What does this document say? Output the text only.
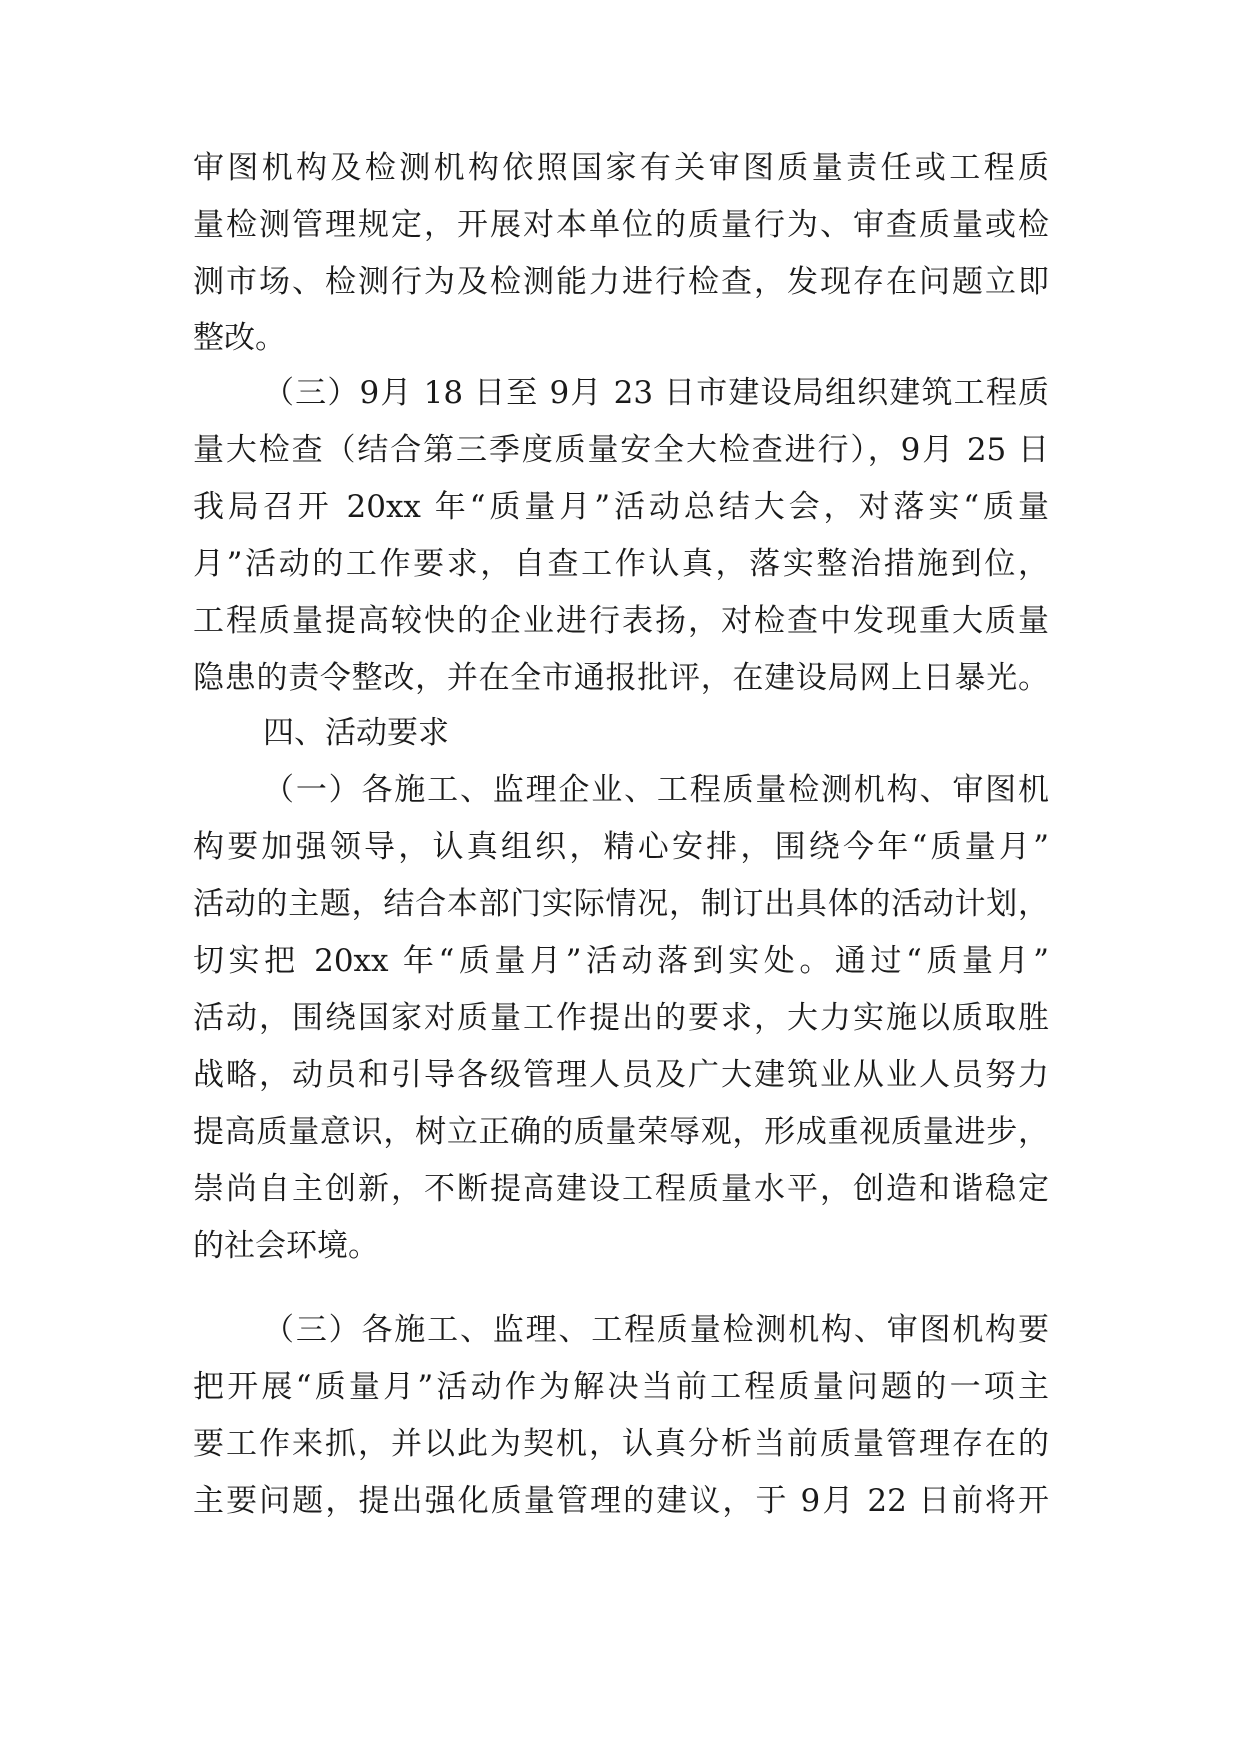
审图机构及检测机构依照国家有关审图质量责任或工程质
量检测管理规定，开展对本单位的质量行为、审查质量或检
测市场、检测行为及检测能力进行检查，发现存在问题立即
整改。
（三）9月 18 日至 9月 23 日市建设局组织建筑工程质
量大检查（结合第三季度质量安全大检查进行），9月 25 日
我局召开 20xx 年“质量月”活动总结大会，对落实“质量
月”活动的工作要求，自查工作认真，落实整治措施到位，
工程质量提高较快的企业进行表扬，对检查中发现重大质量
隐患的责令整改，并在全市通报批评，在建设局网上日暴光。
四、活动要求
（一）各施工、监理企业、工程质量检测机构、审图机
构要加强领导，认真组织，精心安排，围绕今年“质量月”
活动的主题，结合本部门实际情况，制订出具体的活动计划，
切实把 20xx 年“质量月”活动落到实处。通过“质量月”
活动，围绕国家对质量工作提出的要求，大力实施以质取胜
战略，动员和引导各级管理人员及广大建筑业从业人员努力
提高质量意识，树立正确的质量荣辱观，形成重视质量进步，
崇尚自主创新，不断提高建设工程质量水平，创造和谐稳定
的社会环境。
（三）各施工、监理、工程质量检测机构、审图机构要
把开展“质量月”活动作为解决当前工程质量问题的一项主
要工作来抓，并以此为契机，认真分析当前质量管理存在的
主要问题，提出强化质量管理的建议，于 9月 22 日前将开
